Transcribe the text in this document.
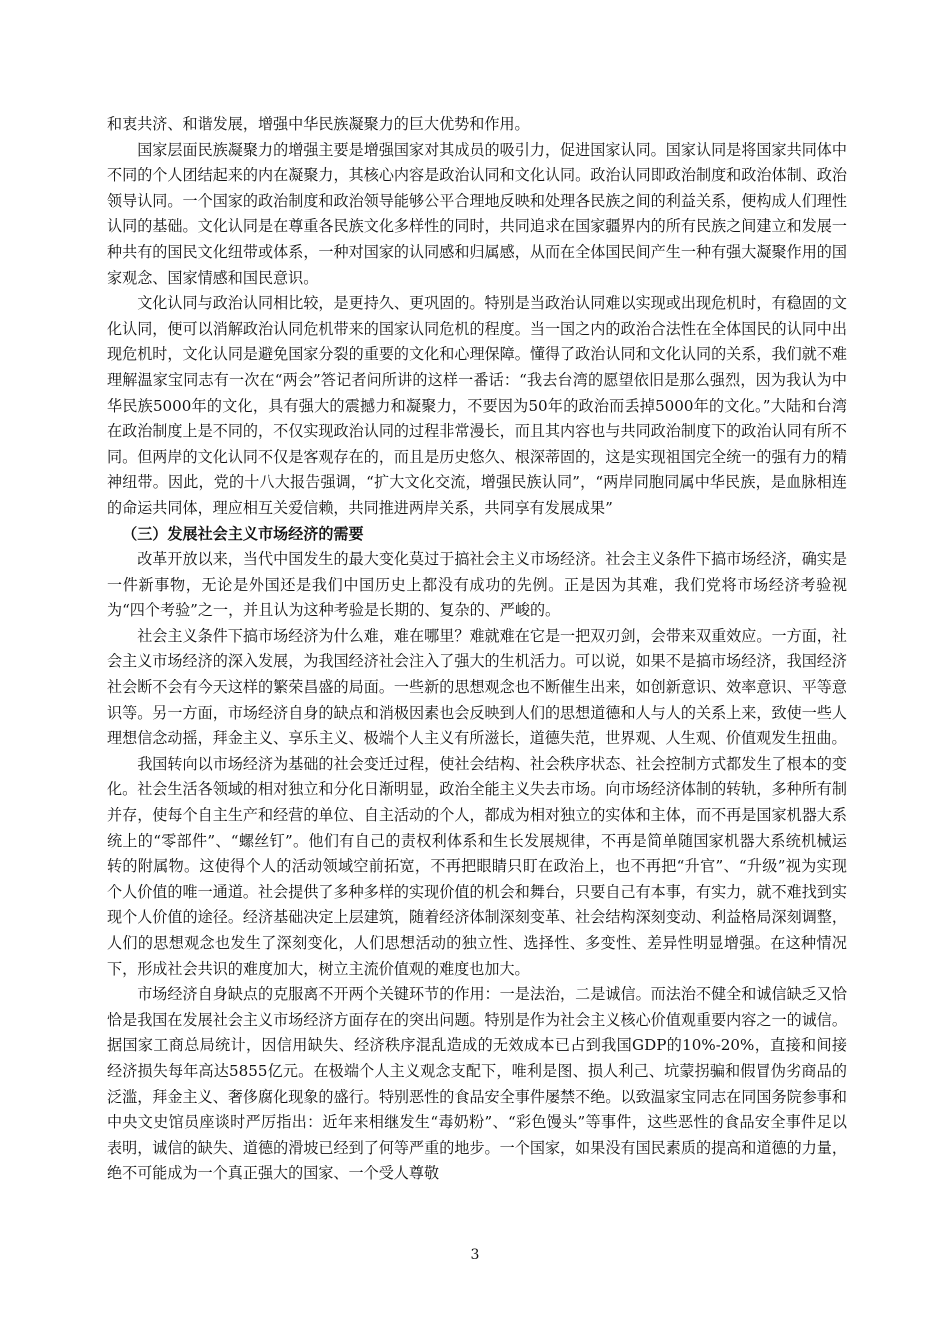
和衷共济、和谐发展，增强中华民族凝聚力的巨大优势和作用。

国家层面民族凝聚力的增强主要是增强国家对其成员的吸引力，促进国家认同。国家认同是将国家共同体中不同的个人团结起来的内在凝聚力，其核心内容是政治认同和文化认同。政治认同即政治制度和政治体制、政治领导认同。一个国家的政治制度和政治领导能够公平合理地反映和处理各民族之间的利益关系，便构成人们理性认同的基础。文化认同是在尊重各民族文化多样性的同时，共同追求在国家疆界内的所有民族之间建立和发展一种共有的国民文化纽带或体系，一种对国家的认同感和归属感，从而在全体国民间产生一种有强大凝聚作用的国家观念、国家情感和国民意识。

文化认同与政治认同相比较，是更持久、更巩固的。特别是当政治认同难以实现或出现危机时，有稳固的文化认同，便可以消解政治认同危机带来的国家认同危机的程度。当一国之内的政治合法性在全体国民的认同中出现危机时，文化认同是避免国家分裂的重要的文化和心理保障。懂得了政治认同和文化认同的关系，我们就不难理解温家宝同志有一次在“两会”答记者问所讲的这样一番话：“我去台湾的愿望依旧是那么强烈，因为我认为中华民族5000年的文化，具有强大的震撼力和凝聚力，不要因为50年的政治而丢掉5000年的文化。”大陆和台湾在政治制度上是不同的，不仅实现政治认同的过程非常漫长，而且其内容也与共同政治制度下的政治认同有所不同。但两岸的文化认同不仅是客观存在的，而且是历史悠久、根深蒂固的，这是实现祖国完全统一的强有力的精神纽带。因此，党的十八大报告强调，“扩大文化交流，增强民族认同”，“两岸同胞同属中华民族，是血脉相连的命运共同体，理应相互关爱信赖，共同推进两岸关系，共同享有发展成果”

（三）发展社会主义市场经济的需要

改革开放以来，当代中国发生的最大变化莫过于搞社会主义市场经济。社会主义条件下搞市场经济，确实是一件新事物，无论是外国还是我们中国历史上都没有成功的先例。正是因为其难，我们党将市场经济考验视为“四个考验”之一，并且认为这种考验是长期的、复杂的、严峻的。

社会主义条件下搞市场经济为什么难，难在哪里？难就难在它是一把双刃剑，会带来双重效应。一方面，社会主义市场经济的深入发展，为我国经济社会注入了强大的生机活力。可以说，如果不是搞市场经济，我国经济社会断不会有今天这样的繁荣昌盛的局面。一些新的思想观念也不断催生出来，如创新意识、效率意识、平等意识等。另一方面，市场经济自身的缺点和消极因素也会反映到人们的思想道德和人与人的关系上来，致使一些人理想信念动摇，拜金主义、享乐主义、极端个人主义有所滋长，道德失范，世界观、人生观、价值观发生扭曲。

我国转向以市场经济为基础的社会变迁过程，使社会结构、社会秩序状态、社会控制方式都发生了根本的变化。社会生活各领域的相对独立和分化日渐明显，政治全能主义失去市场。向市场经济体制的转轨，多种所有制并存，使每个自主生产和经营的单位、自主活动的个人，都成为相对独立的实体和主体，而不再是国家机器大系统上的“零部件”、“螺丝钉”。他们有自己的责权利体系和生长发展规律，不再是简单随国家机器大系统机械运转的附属物。这使得个人的活动领域空前拓宽，不再把眼睛只盯在政治上，也不再把“升官”、“升级”视为实现个人价值的唯一通道。社会提供了多种多样的实现价值的机会和舞台，只要自己有本事，有实力，就不难找到实现个人价值的途径。经济基础决定上层建筑，随着经济体制深刻变革、社会结构深刻变动、利益格局深刻调整，人们的思想观念也发生了深刻变化，人们思想活动的独立性、选择性、多变性、差异性明显增强。在这种情况下，形成社会共识的难度加大，树立主流价值观的难度也加大。

市场经济自身缺点的克服离不开两个关键环节的作用：一是法治，二是诚信。而法治不健全和诚信缺乏又恰恰是我国在发展社会主义市场经济方面存在的突出问题。特别是作为社会主义核心价值观重要内容之一的诚信。据国家工商总局统计，因信用缺失、经济秩序混乱造成的无效成本已占到我国GDP的10%-20%，直接和间接经济损失每年高达5855亿元。在极端个人主义观念支配下，唯利是图、损人利己、坑蒙拐骗和假冒伪劣商品的泛滥，拜金主义、奢侈腐化现象的盛行。特别恶性的食品安全事件屡禁不绝。以致温家宝同志在同国务院参事和中央文史馆员座谈时严厉指出：近年来相继发生“毒奶粉”、“彩色馒头”等事件，这些恶性的食品安全事件足以表明，诚信的缺失、道德的滑坡已经到了何等严重的地步。一个国家，如果没有国民素质的提高和道德的力量，绝不可能成为一个真正强大的国家、一个受人尊敬

3
